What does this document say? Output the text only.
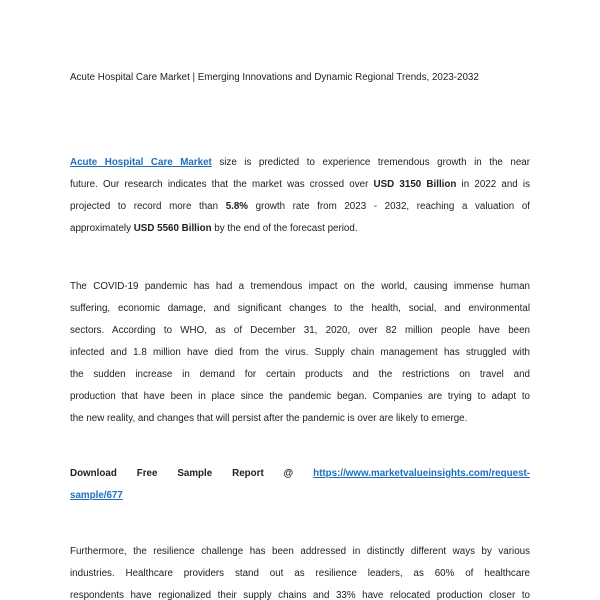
Acute Hospital Care Market | Emerging Innovations and Dynamic Regional Trends, 2023-2032
Acute Hospital Care Market size is predicted to experience tremendous growth in the near
future. Our research indicates that the market was crossed over USD 3150 Billion in 2022 and is
projected to record more than 5.8% growth rate from 2023 - 2032, reaching a valuation of
approximately USD 5560 Billion by the end of the forecast period.
The COVID-19 pandemic has had a tremendous impact on the world, causing immense human
suffering, economic damage, and significant changes to the health, social, and environmental
sectors. According to WHO, as of December 31, 2020, over 82 million people have been
infected and 1.8 million have died from the virus. Supply chain management has struggled with
the sudden increase in demand for certain products and the restrictions on travel and
production that have been in place since the pandemic began. Companies are trying to adapt to
the new reality, and changes that will persist after the pandemic is over are likely to emerge.
Download Free Sample Report @ https://www.marketvalueinsights.com/request-
sample/677
Furthermore, the resilience challenge has been addressed in distinctly different ways by various
industries. Healthcare providers stand out as resilience leaders, as 60% of healthcare
respondents have regionalized their supply chains and 33% have relocated production closer to
